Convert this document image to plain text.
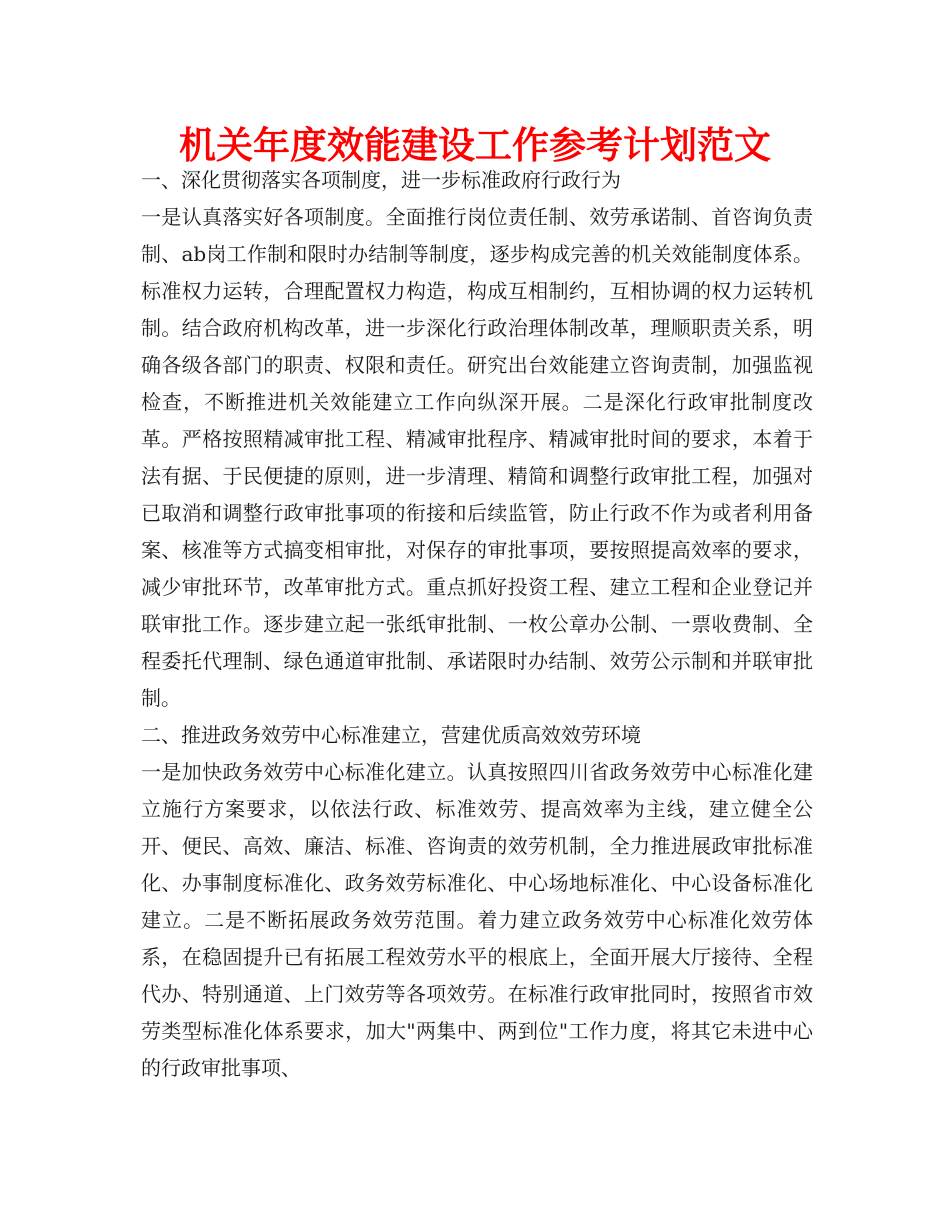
机关年度效能建设工作参考计划范文

一、深化贯彻落实各项制度，进一步标准政府行政行为

一是认真落实好各项制度。全面推行岗位责任制、效劳承诺制、首咨询负责制、ab岗工作制和限时办结制等制度，逐步构成完善的机关效能制度体系。标准权力运转，合理配置权力构造，构成互相制约，互相协调的权力运转机制。结合政府机构改革，进一步深化行政治理体制改革，理顺职责关系，明确各级各部门的职责、权限和责任。研究出台效能建立咨询责制，加强监视检查，不断推进机关效能建立工作向纵深开展。二是深化行政审批制度改革。严格按照精减审批工程、精减审批程序、精减审批时间的要求，本着于法有据、于民便捷的原则，进一步清理、精简和调整行政审批工程，加强对已取消和调整行政审批事项的衔接和后续监管，防止行政不作为或者利用备案、核准等方式搞变相审批，对保存的审批事项，要按照提高效率的要求，减少审批环节，改革审批方式。重点抓好投资工程、建立工程和企业登记并联审批工作。逐步建立起一张纸审批制、一枚公章办公制、一票收费制、全程委托代理制、绿色通道审批制、承诺限时办结制、效劳公示制和并联审批制。

二、推进政务效劳中心标准建立，营建优质高效效劳环境

一是加快政务效劳中心标准化建立。认真按照四川省政务效劳中心标准化建立施行方案要求，以依法行政、标准效劳、提高效率为主线，建立健全公开、便民、高效、廉洁、标准、咨询责的效劳机制，全力推进展政审批标准化、办事制度标准化、政务效劳标准化、中心场地标准化、中心设备标准化建立。二是不断拓展政务效劳范围。着力建立政务效劳中心标准化效劳体系，在稳固提升已有拓展工程效劳水平的根底上，全面开展大厅接待、全程代办、特别通道、上门效劳等各项效劳。在标准行政审批同时，按照省市效劳类型标准化体系要求，加大"两集中、两到位"工作力度，将其它未进中心的行政审批事项、
